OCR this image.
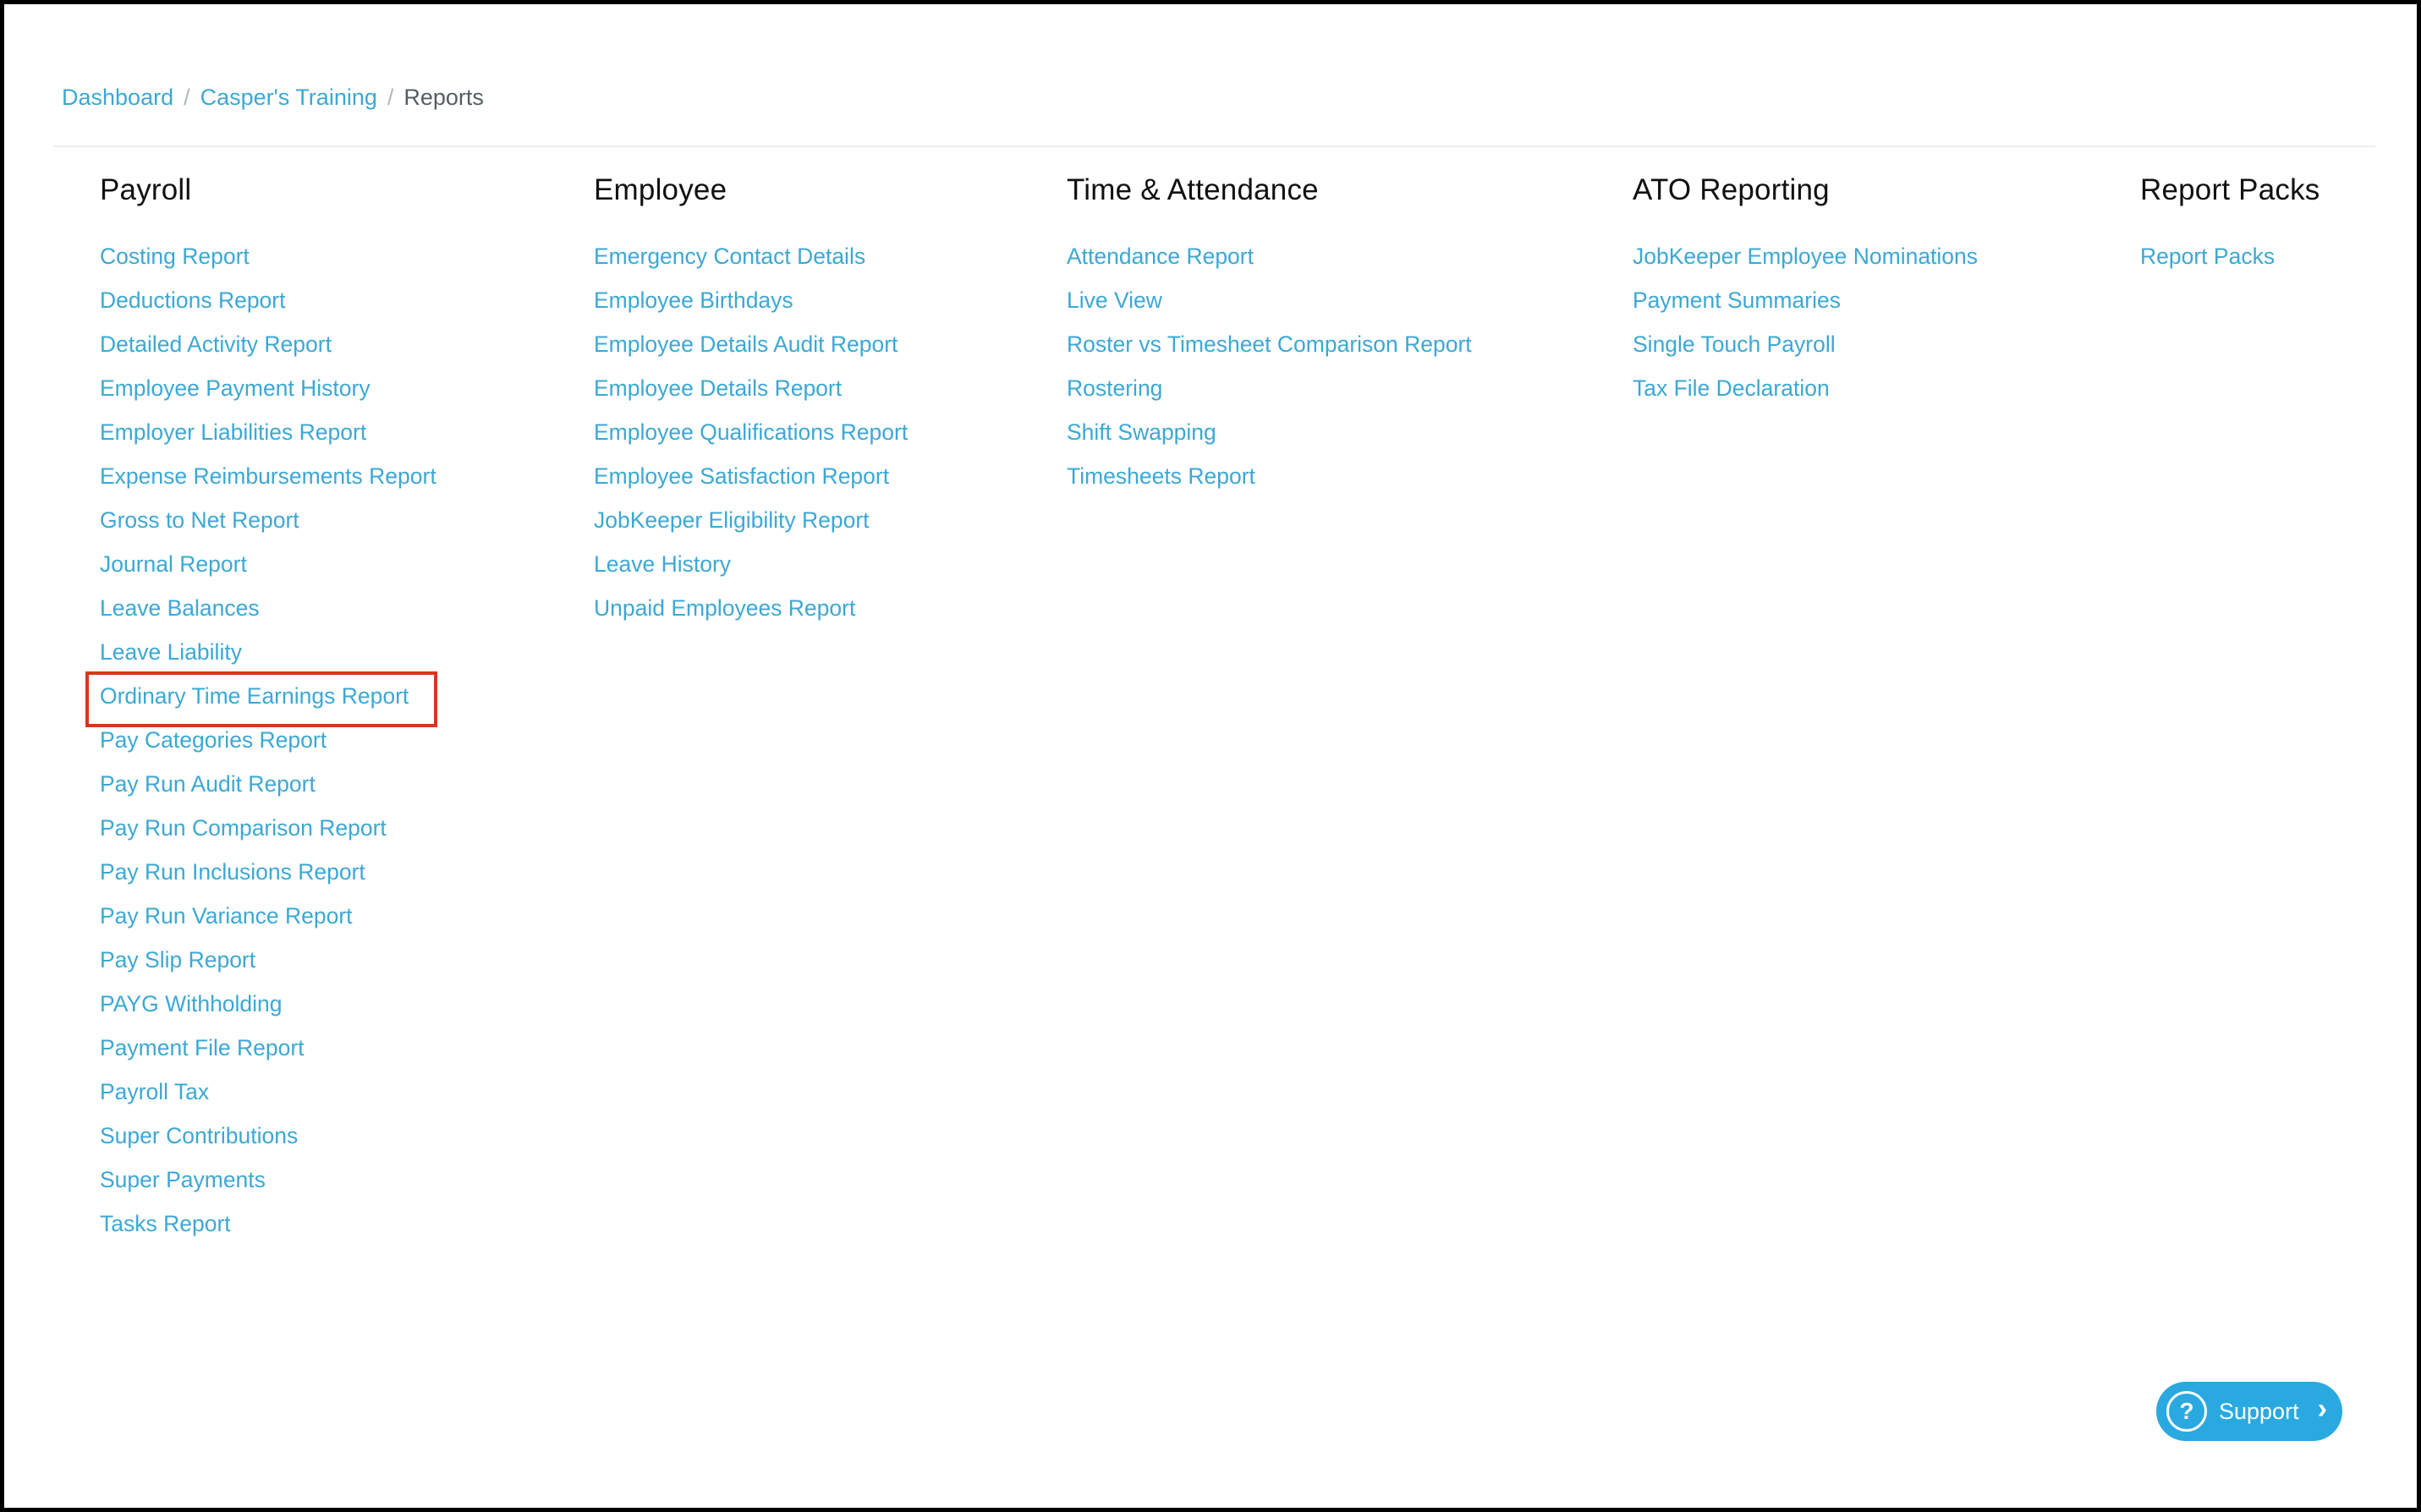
Dashboard / Casper's Training / Reports
Payroll
Costing Report
Deductions Report
Detailed Activity Report
Employee Payment History
Employer Liabilities Report
Expense Reimbursements Report
Gross to Net Report
Journal Report
Leave Balances
Leave Liability
Ordinary Time Earnings Report
Pay Categories Report
Pay Run Audit Report
Pay Run Comparison Report
Pay Run Inclusions Report
Pay Run Variance Report
Pay Slip Report
PAYG Withholding
Payment File Report
Payroll Tax
Super Contributions
Super Payments
Tasks Report
Employee
Emergency Contact Details
Employee Birthdays
Employee Details Audit Report
Employee Details Report
Employee Qualifications Report
Employee Satisfaction Report
JobKeeper Eligibility Report
Leave History
Unpaid Employees Report
Time & Attendance
Attendance Report
Live View
Roster vs Timesheet Comparison Report
Rostering
Shift Swapping
Timesheets Report
ATO Reporting
JobKeeper Employee Nominations
Payment Summaries
Single Touch Payroll
Tax File Declaration
Report Packs
Report Packs
?	Support ›
